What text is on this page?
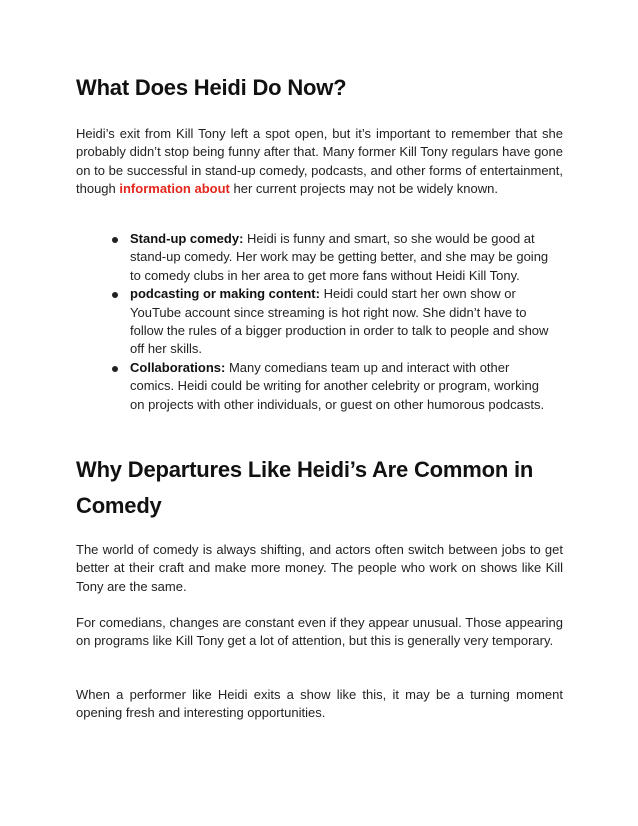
What Does Heidi Do Now?

Heidi’s exit from Kill Tony left a spot open, but it’s important to remember that she probably didn’t stop being funny after that. Many former Kill Tony regulars have gone on to be successful in stand-up comedy, podcasts, and other forms of entertainment, though information about her current projects may not be widely known.

Stand-up comedy: Heidi is funny and smart, so she would be good at stand-up comedy. Her work may be getting better, and she may be going to comedy clubs in her area to get more fans without Heidi Kill Tony.
podcasting or making content: Heidi could start her own show or YouTube account since streaming is hot right now. She didn’t have to follow the rules of a bigger production in order to talk to people and show off her skills.
Collaborations: Many comedians team up and interact with other comics. Heidi could be writing for another celebrity or program, working on projects with other individuals, or guest on other humorous podcasts.
Why Departures Like Heidi’s Are Common in Comedy

The world of comedy is always shifting, and actors often switch between jobs to get better at their craft and make more money. The people who work on shows like Kill Tony are the same.

For comedians, changes are constant even if they appear unusual. Those appearing on programs like Kill Tony get a lot of attention, but this is generally very temporary.

When a performer like Heidi exits a show like this, it may be a turning moment opening fresh and interesting opportunities.
